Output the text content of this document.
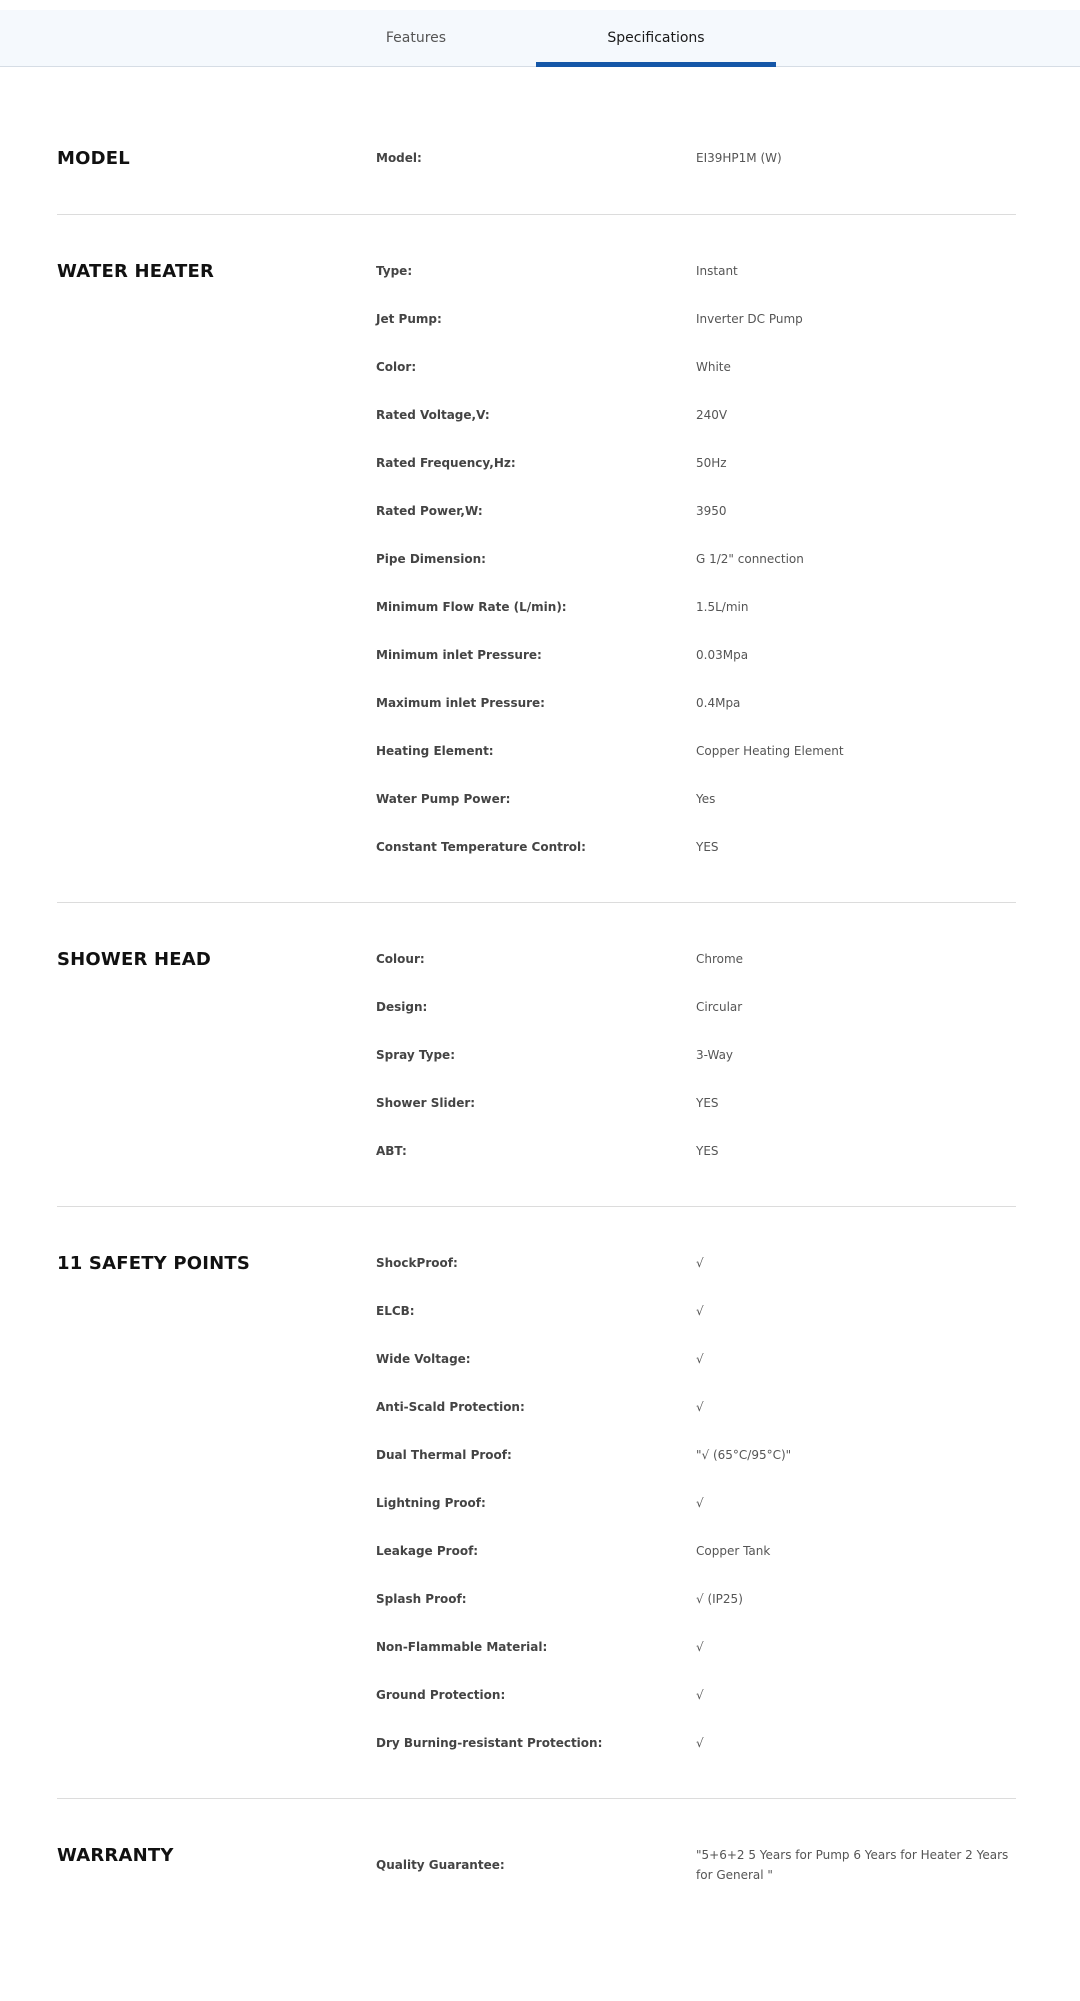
Features	Specifications
MODEL	Model:	EI39HP1M (W)
WATER HEATER	Type:	Instant
Jet Pump:	Inverter DC Pump
Color:	White
Rated Voltage,V:	240V
Rated Frequency,Hz:	50Hz
Rated Power,W:	3950
Pipe Dimension:	G 1/2" connection
Minimum Flow Rate (L/min):	1.5L/min
Minimum inlet Pressure:	0.03Mpa
Maximum inlet Pressure:	0.4Mpa
Heating Element:	Copper Heating Element
Water Pump Power:	Yes
Constant Temperature Control:	YES
SHOWER HEAD	Colour:	Chrome
Design:	Circular
Spray Type:	3-Way
Shower Slider:	YES
ABT:	YES
11 SAFETY POINTS	ShockProof:	√
ELCB:	√
Wide Voltage:	√
Anti-Scald Protection:	√
Dual Thermal Proof:	"√ (65°C/95°C)"
Lightning Proof:	√
Leakage Proof:	Copper Tank
Splash Proof:	√ (IP25)
Non-Flammable Material:	√
Ground Protection:	√
Dry Burning-resistant Protection:	√
WARRANTY	Quality Guarantee:
"5+6+2 5 Years for Pump 6 Years for Heater 2 Years for General "
